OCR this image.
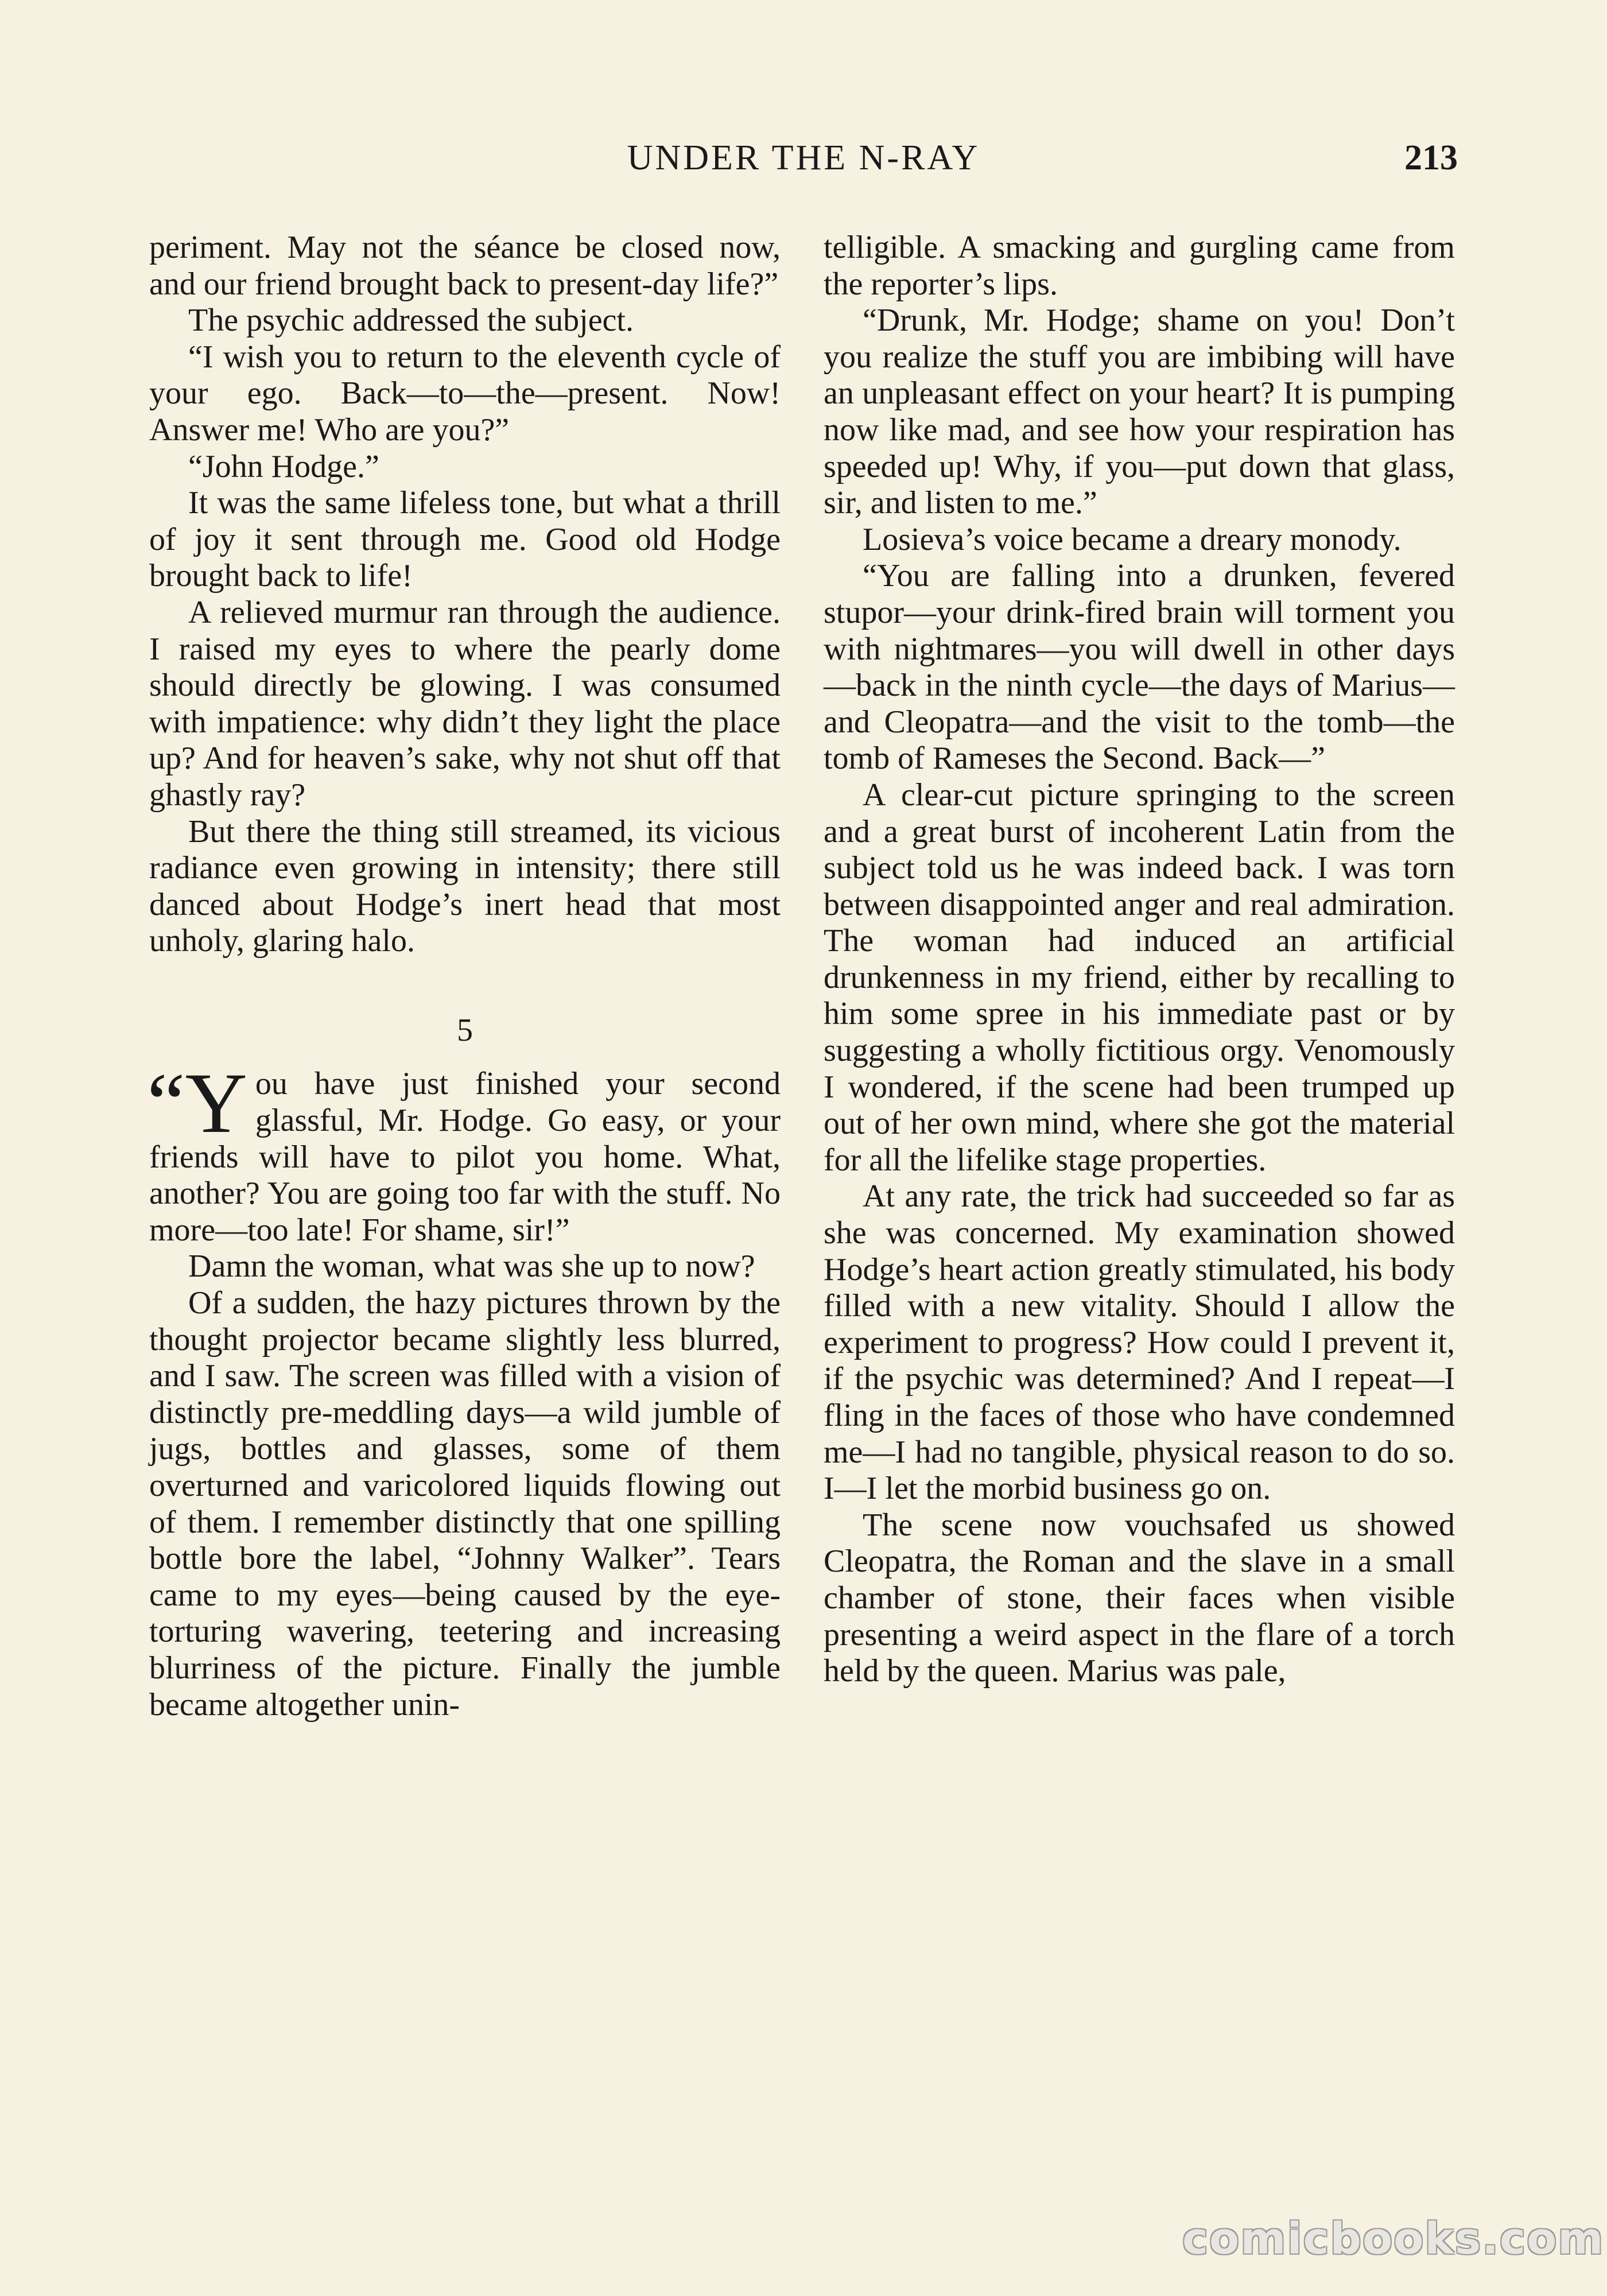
UNDER THE N-RAY	213

periment. May not the séance be closed now, and our friend brought back to present-day life?”

The psychic addressed the subject.

“I wish you to return to the eleventh cycle of your ego. Back—to—the—present. Now! Answer me! Who are you?”

“John Hodge.”

It was the same lifeless tone, but what a thrill of joy it sent through me. Good old Hodge brought back to life!

A relieved murmur ran through the audience. I raised my eyes to where the pearly dome should directly be glowing. I was consumed with impatience: why didn’t they light the place up? And for heaven’s sake, why not shut off that ghastly ray?

But there the thing still streamed, its vicious radiance even growing in intensity; there still danced about Hodge’s inert head that most unholy, glaring halo.

5

“Y ou have just finished your second glassful, Mr. Hodge. Go easy, or your friends will have to pilot you home. What, another? You are going too far with the stuff. No more—too late! For shame, sir!”

Damn the woman, what was she up to now?

Of a sudden, the hazy pictures thrown by the thought projector became slightly less blurred, and I saw. The screen was filled with a vision of distinctly pre-meddling days—a wild jumble of jugs, bottles and glasses, some of them overturned and varicolored liquids flowing out of them. I remember distinctly that one spilling bottle bore the label, “Johnny Walker”. Tears came to my eyes—being caused by the eye-torturing wavering, teetering and increasing blurriness of the picture. Finally the jumble became altogether unin-

telligible. A smacking and gurgling came from the reporter’s lips.

“Drunk, Mr. Hodge; shame on you! Don’t you realize the stuff you are imbibing will have an unpleasant effect on your heart? It is pumping now like mad, and see how your respiration has speeded up! Why, if you—put down that glass, sir, and listen to me.”

Losieva’s voice became a dreary monody.

“You are falling into a drunken, fevered stupor—your drink-fired brain will torment you with nightmares—you will dwell in other days—back in the ninth cycle—the days of Marius—and Cleopatra—and the visit to the tomb—the tomb of Rameses the Second. Back—”

A clear-cut picture springing to the screen and a great burst of incoherent Latin from the subject told us he was indeed back. I was torn between disappointed anger and real admiration. The woman had induced an artificial drunkenness in my friend, either by recalling to him some spree in his immediate past or by suggesting a wholly fictitious orgy. Venomously I wondered, if the scene had been trumped up out of her own mind, where she got the material for all the lifelike stage properties.

At any rate, the trick had succeeded so far as she was concerned. My examination showed Hodge’s heart action greatly stimulated, his body filled with a new vitality. Should I allow the experiment to progress? How could I prevent it, if the psychic was determined? And I repeat—I fling in the faces of those who have condemned me—I had no tangible, physical reason to do so. I—I let the morbid business go on.

The scene now vouchsafed us showed Cleopatra, the Roman and the slave in a small chamber of stone, their faces when visible presenting a weird aspect in the flare of a torch held by the queen. Marius was pale,

comicbooks.com
